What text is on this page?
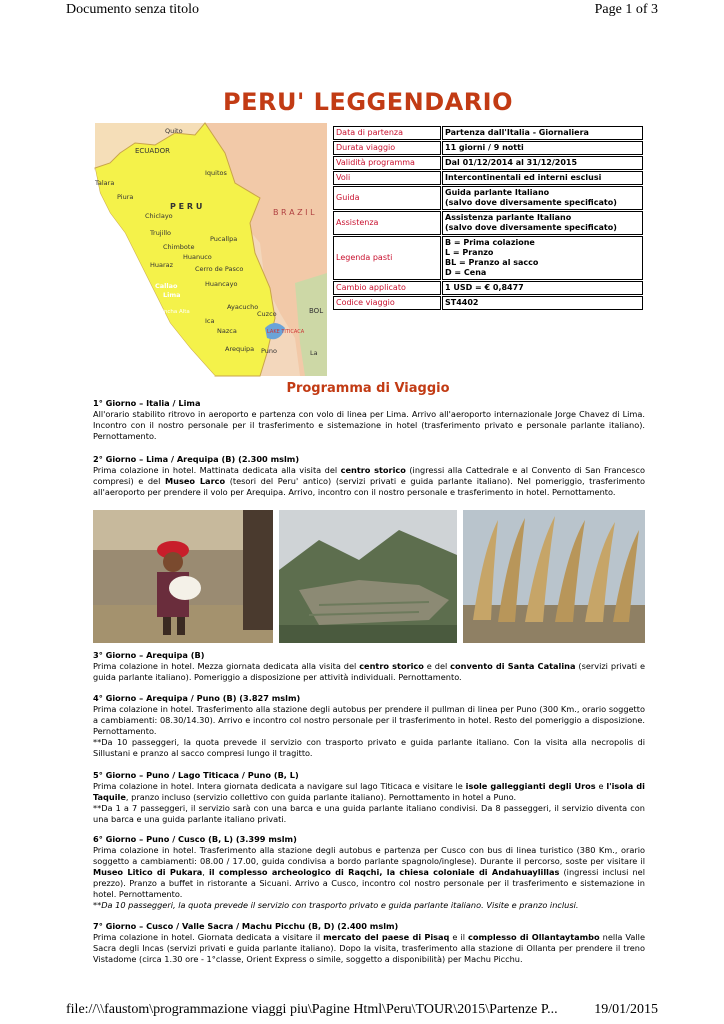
Documento senza titolo	Page 1 of 3
PERU' LEGGENDARIO
Quito
ECUADOR
Talara
Piura
Iquitos
P E R U
B R A Z I L
Chiclayo
Trujillo
Pucallpa
Chimbote
Huanuco
Huaraz	Cerro de Pasco
Callao
Lima
Huancayo
Chincha Alta
Ayacucho
Cuzco
Ica
Nazca	LAKE TITICACA
Puno
Arequipa
BOL
La
Data di partenza	Partenza dall'Italia - Giornaliera

Durata viaggio	11 giorni / 9 notti

Validità programma	Dal 01/12/2014 al 31/12/2015

Voli	Intercontinentali ed interni esclusi

Guida	Guida parlante Italiano
(salvo dove diversamente specificato)

Assistenza	Assistenza parlante Italiano
(salvo dove diversamente specificato)

Legenda pasti	B = Prima colazione
L = Pranzo
BL = Pranzo al sacco
D = Cena

Cambio applicato	1 USD = € 0,8477

Codice viaggio	ST4402
Programma di Viaggio
1° Giorno – Italia / Lima
All'orario stabilito ritrovo in aeroporto e partenza con volo di linea per Lima. Arrivo all'aeroporto internazionale Jorge Chavez di Lima. Incontro con il nostro personale per il trasferimento e sistemazione in hotel (trasferimento privato e personale parlante italiano). Pernottamento.
2° Giorno – Lima / Arequipa (B) (2.300 mslm)
Prima colazione in hotel. Mattinata dedicata alla visita del centro storico (ingressi alla Cattedrale e al Convento di San Francesco compresi) e del Museo Larco (tesori del Peru' antico) (servizi privati e guida parlante italiano). Nel pomeriggio, trasferimento all'aeroporto per prendere il volo per Arequipa. Arrivo, incontro con il nostro personale e trasferimento in hotel. Pernottamento.
3° Giorno – Arequipa (B)
Prima colazione in hotel. Mezza giornata dedicata alla visita del centro storico e del convento di Santa Catalina (servizi privati e guida parlante italiano). Pomeriggio a disposizione per attività individuali. Pernottamento.
4° Giorno – Arequipa / Puno (B) (3.827 mslm)
Prima colazione in hotel. Trasferimento alla stazione degli autobus per prendere il pullman di linea per Puno (300 Km., orario soggetto a cambiamenti: 08.30/14.30). Arrivo e incontro col nostro personale per il trasferimento in hotel. Resto del pomeriggio a disposizione. Pernottamento.
**Da 10 passeggeri, la quota prevede il servizio con trasporto privato e guida parlante italiano. Con la visita alla necropolis di Sillustani e pranzo al sacco compresi lungo il tragitto.
5° Giorno – Puno / Lago Titicaca / Puno (B, L)
Prima colazione in hotel. Intera giornata dedicata a navigare sul lago Titicaca e visitare le isole galleggianti degli Uros e l'isola di Taquile, pranzo incluso (servizio collettivo con guida parlante italiano). Pernottamento in hotel a Puno.
**Da 1 a 7 passeggeri, il servizio sarà con una barca e una guida parlante italiano condivisi. Da 8 passeggeri, il servizio diventa con una barca e una guida parlante italiano privati.
6° Giorno – Puno / Cusco (B, L) (3.399 mslm)
Prima colazione in hotel. Trasferimento alla stazione degli autobus e partenza per Cusco con bus di linea turistico (380 Km., orario soggetto a cambiamenti: 08.00 / 17.00, guida condivisa a bordo parlante spagnolo/inglese). Durante il percorso, soste per visitare il Museo Litico di Pukara, il complesso archeologico di Raqchi, la chiesa coloniale di Andahuaylillas (ingressi inclusi nel prezzo). Pranzo a buffet in ristorante a Sicuani. Arrivo a Cusco, incontro col nostro personale per il trasferimento e sistemazione in hotel. Pernottamento.
**Da 10 passeggeri, la quota prevede il servizio con trasporto privato e guida parlante italiano. Visite e pranzo inclusi.
7° Giorno – Cusco / Valle Sacra / Machu Picchu (B, D) (2.400 mslm)
Prima colazione in hotel. Giornata dedicata a visitare il mercato del paese di Pisaq e il complesso di Ollantaytambo nella Valle Sacra degli Incas (servizi privati e guida parlante italiano). Dopo la visita, trasferimento alla stazione di Ollanta per prendere il treno Vistadome (circa 1.30 ore - 1°classe, Orient Express o simile, soggetto a disponibilità) per Machu Picchu.
file://\\faustom\programmazione viaggi piu\Pagine Html\Peru\TOUR\2015\Partenze P...	19/01/2015
